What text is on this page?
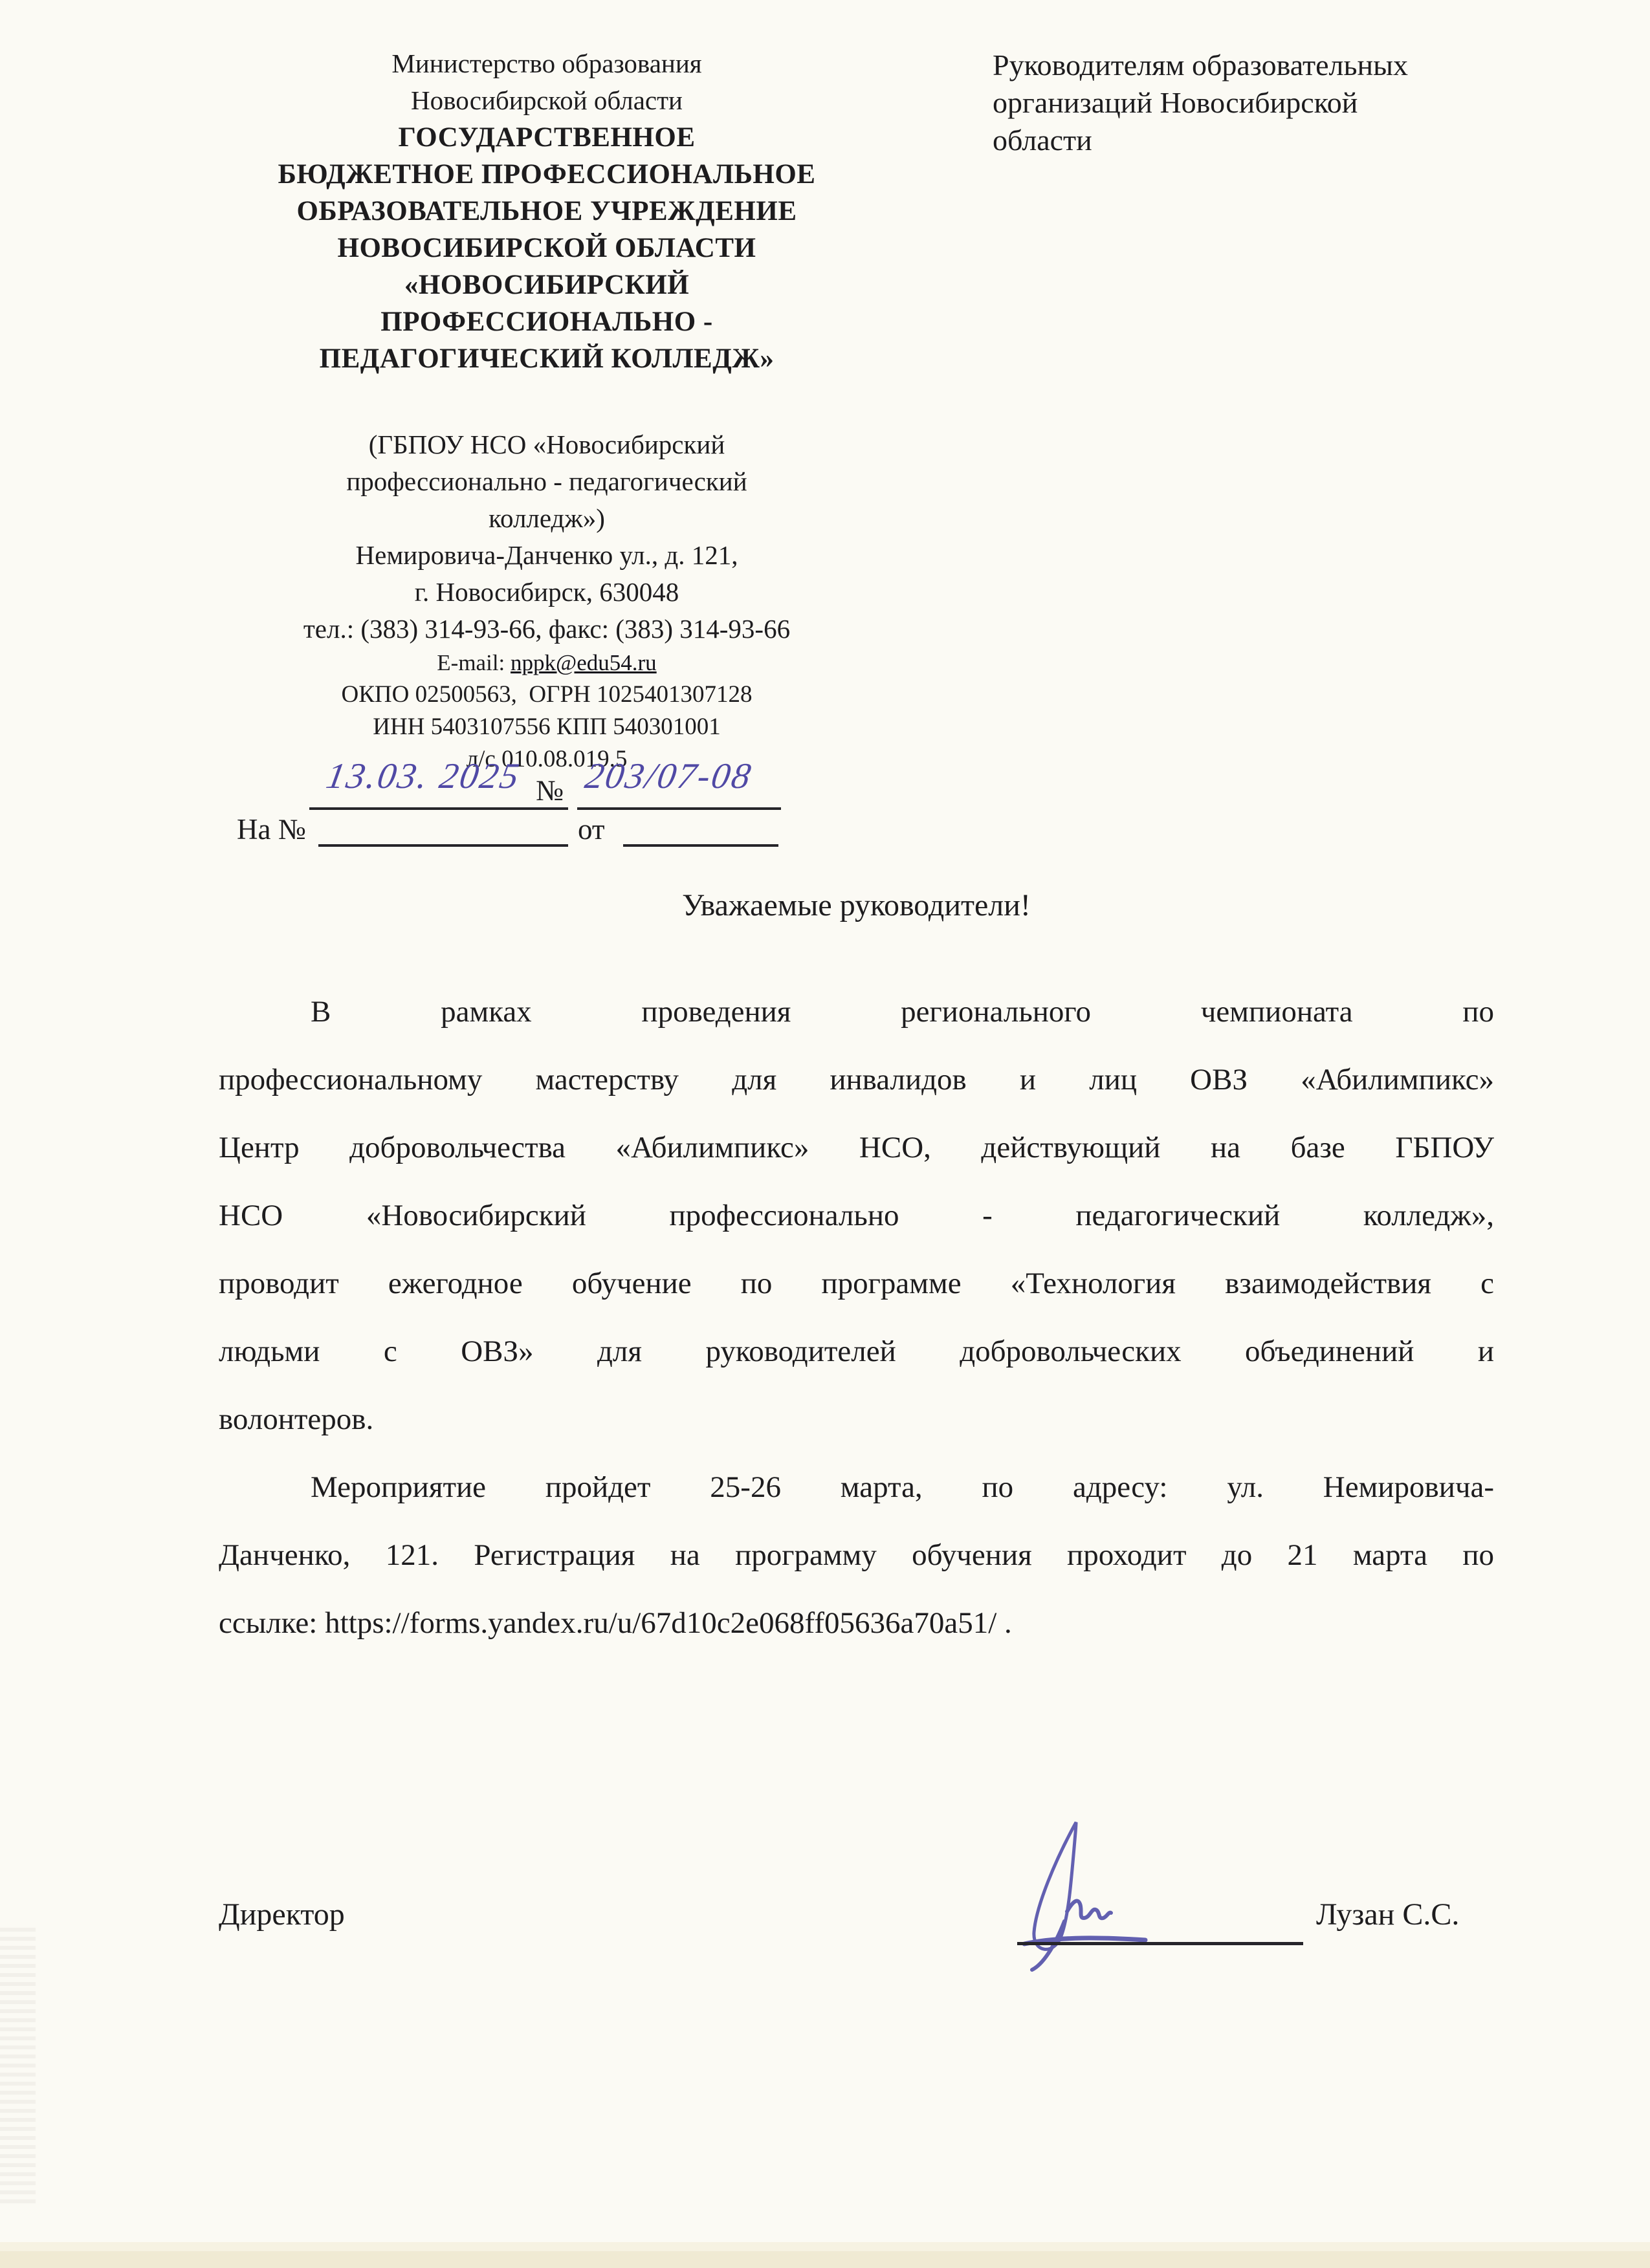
Министерство образования
Новосибирской области
ГОСУДАРСТВЕННОЕ
БЮДЖЕТНОЕ ПРОФЕССИОНАЛЬНОЕ
ОБРАЗОВАТЕЛЬНОЕ УЧРЕЖДЕНИЕ
НОВОСИБИРСКОЙ ОБЛАСТИ
«НОВОСИБИРСКИЙ
ПРОФЕССИОНАЛЬНО -
ПЕДАГОГИЧЕСКИЙ КОЛЛЕДЖ»
(ГБПОУ НСО «Новосибирский
профессионально - педагогический
колледж»)
Немировича-Данченко ул., д. 121,
г. Новосибирск, 630048
тел.: (383) 314-93-66, факс: (383) 314-93-66
E-mail: nppk@edu54.ru
ОКПО 02500563,  ОГРН 1025401307128
ИНН 5403107556 КПП 540301001
л/с 010.08.019.5
Руководителям образовательных
организаций Новосибирской
области
13.03. 2025 № 203/07-08
На №	от
Уважаемые руководители!
В рамках проведения регионального чемпионата по
профессиональному мастерству для инвалидов и лиц ОВЗ «Абилимпикс»
Центр добровольчества «Абилимпикс» НСО, действующий на базе ГБПОУ
НСО «Новосибирский профессионально - педагогический колледж»,
проводит ежегодное обучение по программе «Технология взаимодействия с
людьми с ОВЗ» для руководителей добровольческих объединений и
волонтеров.
Мероприятие пройдет 25-26 марта, по адресу: ул. Немировича-
Данченко, 121. Регистрация на программу обучения проходит до 21 марта по
ссылке: https://forms.yandex.ru/u/67d10c2e068ff05636a70a51/ .
Директор	Лузан С.С.
